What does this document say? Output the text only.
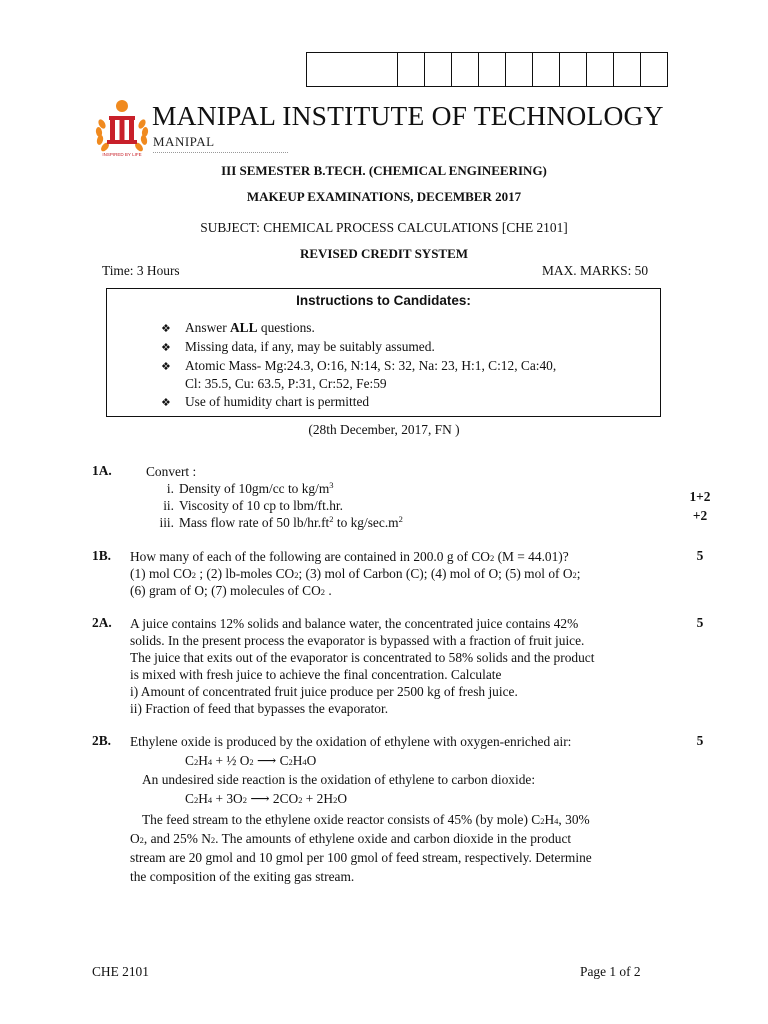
INSPIRED BY LIFE
MANIPAL INSTITUTE OF TECHNOLOGY
MANIPAL
III SEMESTER B.TECH. (CHEMICAL ENGINEERING)
MAKEUP EXAMINATIONS, DECEMBER 2017
SUBJECT: CHEMICAL PROCESS CALCULATIONS [CHE 2101]
REVISED CREDIT SYSTEM
Time: 3 Hours	MAX. MARKS: 50
Instructions to Candidates:
❖	Answer ALL questions.
❖	Missing data, if any, may be suitably assumed.
❖	Atomic Mass- Mg:24.3, O:16, N:14, S: 32, Na: 23, H:1, C:12, Ca:40,
Cl: 35.5, Cu: 63.5, P:31, Cr:52, Fe:59
❖	Use of humidity chart is permitted
(28th December, 2017, FN )
1A.	Convert :
i. Density of 10gm/cc to $kg/m^3$
ii. Viscosity of 10 cp to lbm/ft.hr.
iii. Mass flow rate of 50 $lb/hr.ft^2$ to $kg/\sec.m^2$
1+2
+2
1B. How many of each of the following are contained in 200.0 g of $CO_2$ (M = 44.01)?
(1) mol $CO_2$ ; (2) lb-moles $CO_2$; (3) mol of Carbon (C); (4) mol of O; (5) mol of $O_2$;
(6) gram of O; (7) molecules of $CO_2$ .
5
2A. A juice contains 12% solids and balance water, the concentrated juice contains 42%
solids. In the present process the evaporator is bypassed with a fraction of fruit juice.
The juice that exits out of the evaporator is concentrated to 58% solids and the product
is mixed with fresh juice to achieve the final concentration. Calculate
i) Amount of concentrated fruit juice produce per 2500 kg of fresh juice.
ii) Fraction of feed that bypasses the evaporator.
5
2B. Ethylene oxide is produced by the oxidation of ethylene with oxygen-enriched air:
$C_2H_4$ + ½ $O_2$ ⟶ $C_2H_4O$
An undesired side reaction is the oxidation of ethylene to carbon dioxide:
$C_2H_4 + 3O_2$ ⟶ $2CO_2 + 2H_2O$
The feed stream to the ethylene oxide reactor consists of 45% (by mole) $C_2H_4$, 30%
$O_2$, and 25% $N_2$. The amounts of ethylene oxide and carbon dioxide in the product
stream are 20 gmol and 10 gmol per 100 gmol of feed stream, respectively. Determine
the composition of the exiting gas stream.
5
CHE 2101	Page 1 of 2
